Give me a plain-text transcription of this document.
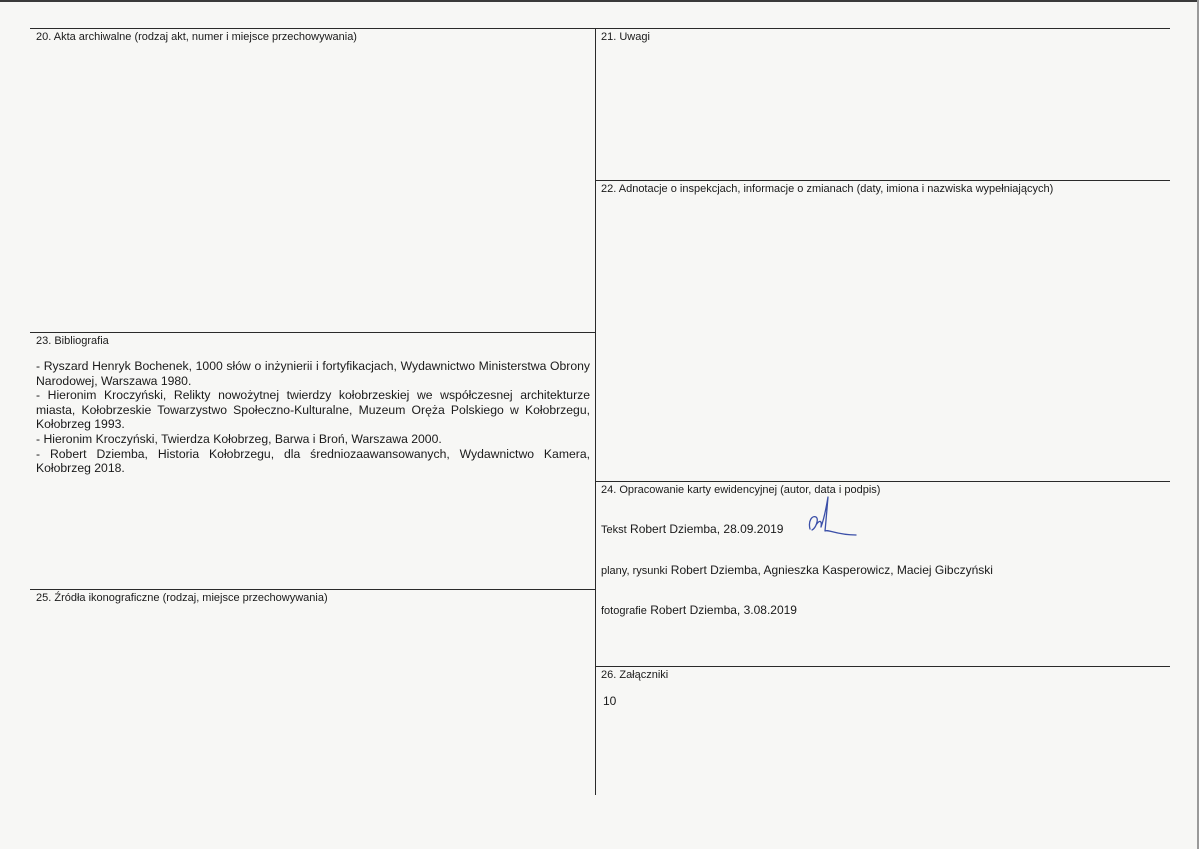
20. Akta archiwalne (rodzaj akt, numer i miejsce przechowywania)	21. Uwagi
22. Adnotacje o inspekcjach, informacje o zmianach (daty, imiona i nazwiska wypełniających)
23. Bibliografia
- Ryszard Henryk Bochenek, 1000 słów o inżynierii i fortyfikacjach, Wydawnictwo Ministerstwa Obrony Narodowej, Warszawa 1980.
- Hieronim Kroczyński, Relikty nowożytnej twierdzy kołobrzeskiej we współczesnej architekturze miasta, Kołobrzeskie Towarzystwo Społeczno-Kulturalne, Muzeum Oręża Polskiego w Kołobrzegu, Kołobrzeg 1993.
- Hieronim Kroczyński, Twierdza Kołobrzeg, Barwa i Broń, Warszawa 2000.
- Robert Dziemba, Historia Kołobrzegu, dla średniozaawansowanych, Wydawnictwo Kamera, Kołobrzeg 2018.
24. Opracowanie karty ewidencyjnej (autor, data i podpis)
Tekst Robert Dziemba, 28.09.2019
plany, rysunki Robert Dziemba, Agnieszka Kasperowicz, Maciej Gibczyński
fotografie Robert Dziemba, 3.08.2019
25. Źródła ikonograficzne (rodzaj, miejsce przechowywania)
26. Załączniki
10
